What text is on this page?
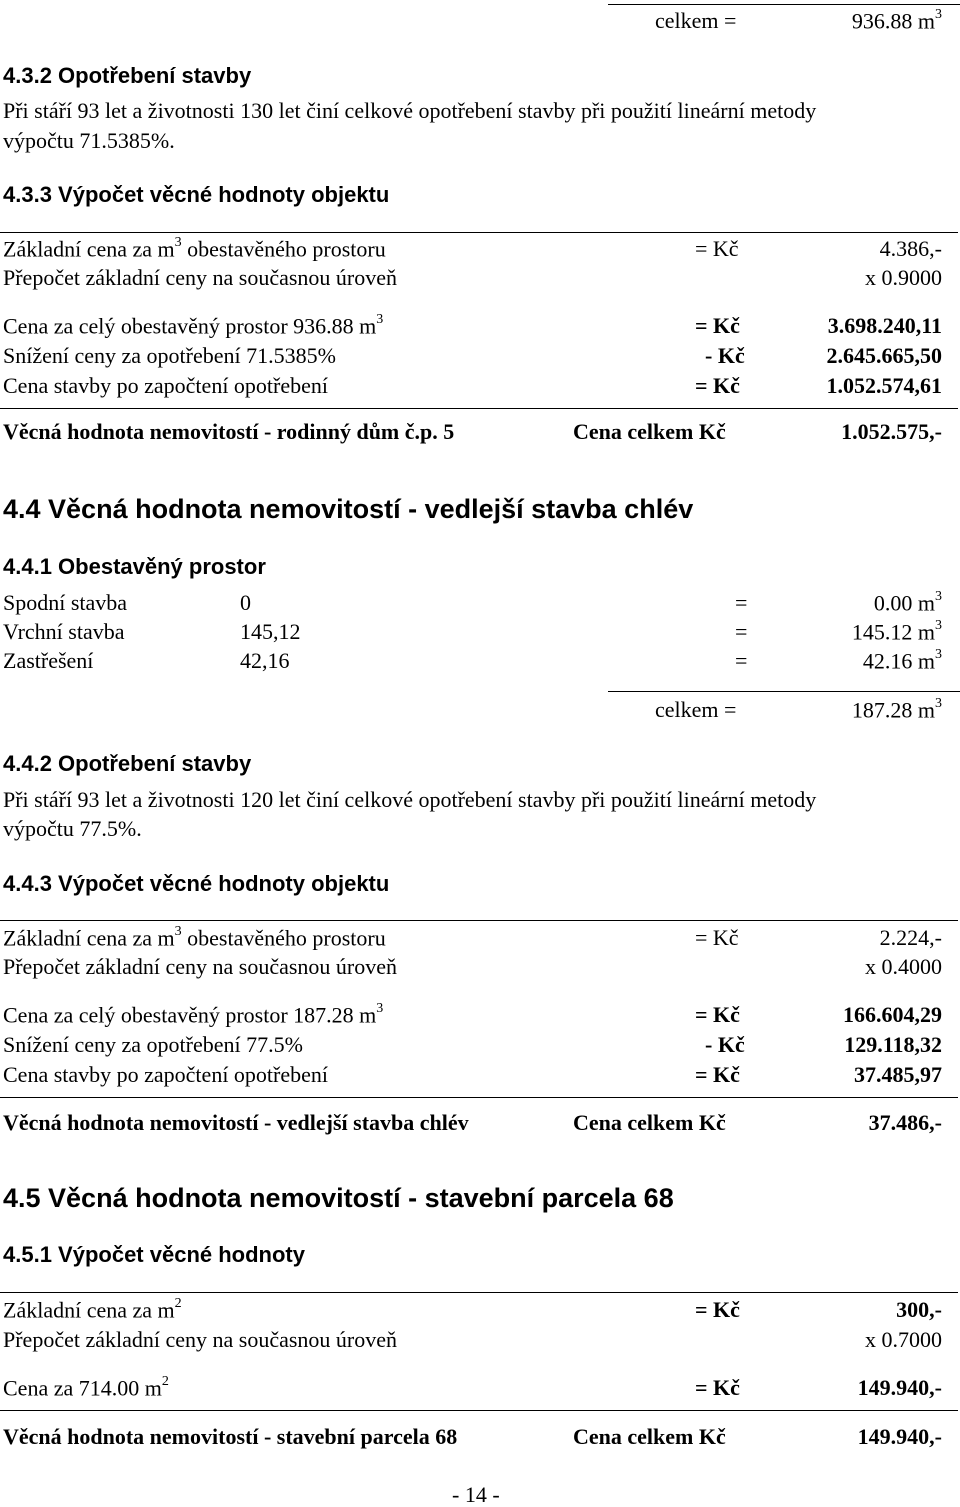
celkem =	936.88 $m^3$
4.3.2 Opotřebení stavby
Při stáří 93 let a životnosti 130 let činí celkové opotřebení stavby při použití lineární metody
výpočtu 71.5385%.
4.3.3 Výpočet věcné hodnoty objektu
Základní cena za $m^3$ obestavěného prostoru	= Kč	4.386,-
Přepočet základní ceny na současnou úroveň	x 0.9000
Cena za celý obestavěný prostor 936.88 $m^3$	= Kč	3.698.240,11
Snížení ceny za opotřebení 71.5385%	- Kč	2.645.665,50
Cena stavby po započtení opotřebení	= Kč	1.052.574,61
Věcná hodnota nemovitostí - rodinný dům č.p. 5	Cena celkem Kč	1.052.575,-
4.4 Věcná hodnota nemovitostí - vedlejší stavba chlév
4.4.1 Obestavěný prostor
Spodní stavba	0	=	0.00 $m^3$
Vrchní stavba	145,12	=	145.12 $m^3$
Zastřešení	42,16	=	42.16 $m^3$
celkem =	187.28 $m^3$
4.4.2 Opotřebení stavby
Při stáří 93 let a životnosti 120 let činí celkové opotřebení stavby při použití lineární metody
výpočtu 77.5%.
4.4.3 Výpočet věcné hodnoty objektu
Základní cena za $m^3$ obestavěného prostoru	= Kč	2.224,-
Přepočet základní ceny na současnou úroveň	x 0.4000
Cena za celý obestavěný prostor 187.28 $m^3$	= Kč	166.604,29
Snížení ceny za opotřebení 77.5%	- Kč	129.118,32
Cena stavby po započtení opotřebení	= Kč	37.485,97
Věcná hodnota nemovitostí - vedlejší stavba chlév	Cena celkem Kč	37.486,-
4.5 Věcná hodnota nemovitostí - stavební parcela 68
4.5.1 Výpočet věcné hodnoty
Základní cena za $m^2$	= Kč	300,-
Přepočet základní ceny na současnou úroveň	x 0.7000
Cena za 714.00 $m^2$	= Kč	149.940,-
Věcná hodnota nemovitostí - stavební parcela 68	Cena celkem Kč	149.940,-
- 14 -
